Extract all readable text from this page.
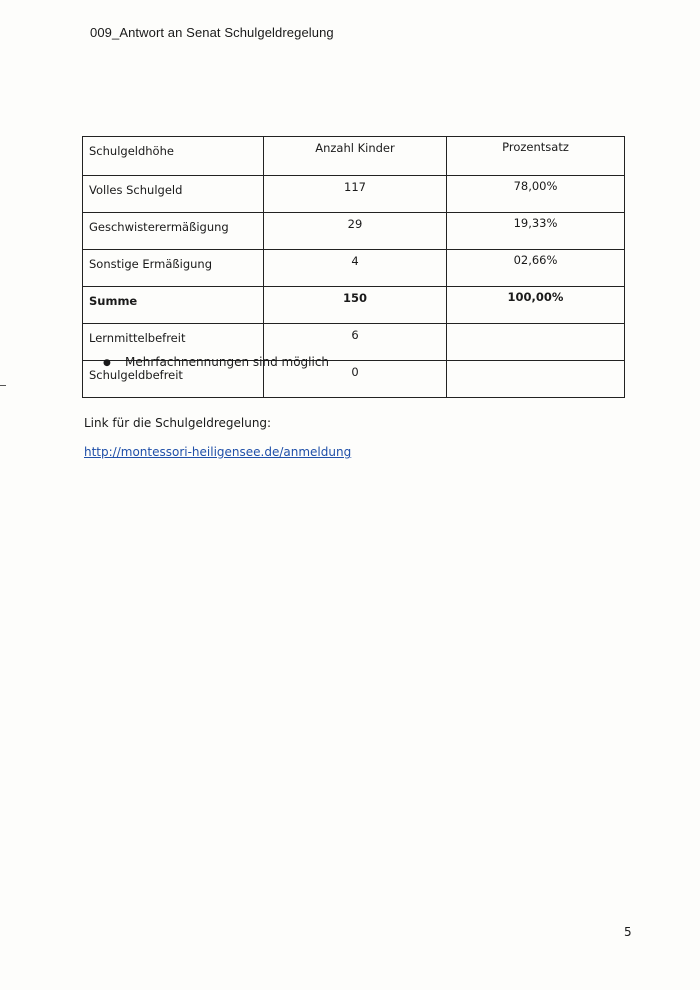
009_Antwort an Senat Schulgeldregelung
Schulgeldhöhe	Anzahl Kinder	Prozentsatz
Volles Schulgeld	117	78,00%
Geschwisterermäßigung	29	19,33%
Sonstige Ermäßigung	4	02,66%
Summe	150	100,00%
Lernmittelbefreit	6	
Schulgeldbefreit	0	
● Mehrfachnennungen sind möglich
Link für die Schulgeldregelung:
http://montessori-heiligensee.de/anmeldung
5
